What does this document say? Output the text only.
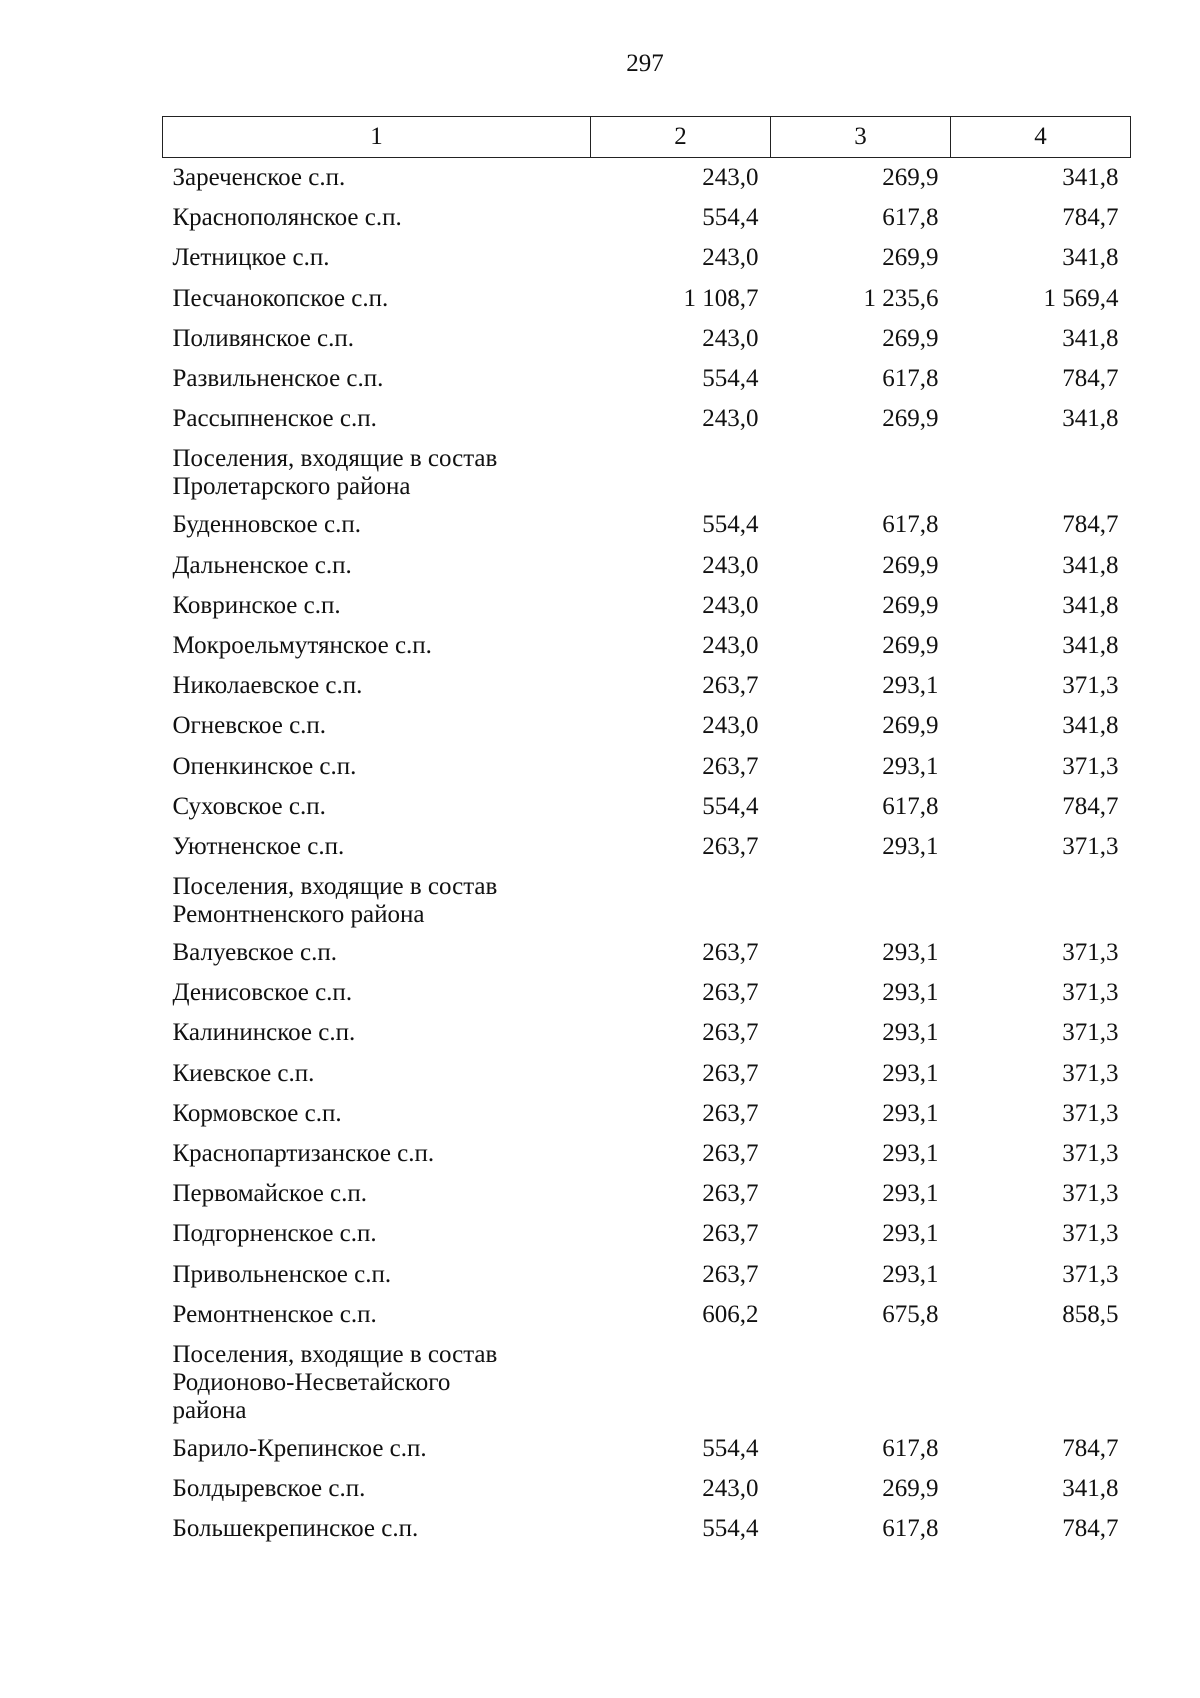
297
1	2	3	4
Зареченское с.п.	243,0	269,9	341,8
Краснополянское с.п.	554,4	617,8	784,7
Летницкое с.п.	243,0	269,9	341,8
Песчанокопское с.п.	1 108,7	1 235,6	1 569,4
Поливянское с.п.	243,0	269,9	341,8
Развильненское с.п.	554,4	617,8	784,7
Рассыпненское с.п.	243,0	269,9	341,8

Поселения, входящие в состав
Пролетарского района			

Буденновское с.п.	554,4	617,8	784,7
Дальненское с.п.	243,0	269,9	341,8
Ковринское с.п.	243,0	269,9	341,8
Мокроельмутянское с.п.	243,0	269,9	341,8
Николаевское с.п.	263,7	293,1	371,3
Огневское с.п.	243,0	269,9	341,8
Опенкинское с.п.	263,7	293,1	371,3
Суховское с.п.	554,4	617,8	784,7
Уютненское с.п.	263,7	293,1	371,3

Поселения, входящие в состав
Ремонтненского района			

Валуевское с.п.	263,7	293,1	371,3
Денисовское с.п.	263,7	293,1	371,3
Калининское с.п.	263,7	293,1	371,3
Киевское с.п.	263,7	293,1	371,3
Кормовское с.п.	263,7	293,1	371,3
Краснопартизанское с.п.	263,7	293,1	371,3
Первомайское с.п.	263,7	293,1	371,3
Подгорненское с.п.	263,7	293,1	371,3
Привольненское с.п.	263,7	293,1	371,3
Ремонтненское с.п.	606,2	675,8	858,5

Поселения, входящие в состав
Родионово-Несветайского
района			

Барило-Крепинское с.п.	554,4	617,8	784,7
Болдыревское с.п.	243,0	269,9	341,8
Большекрепинское с.п.	554,4	617,8	784,7
